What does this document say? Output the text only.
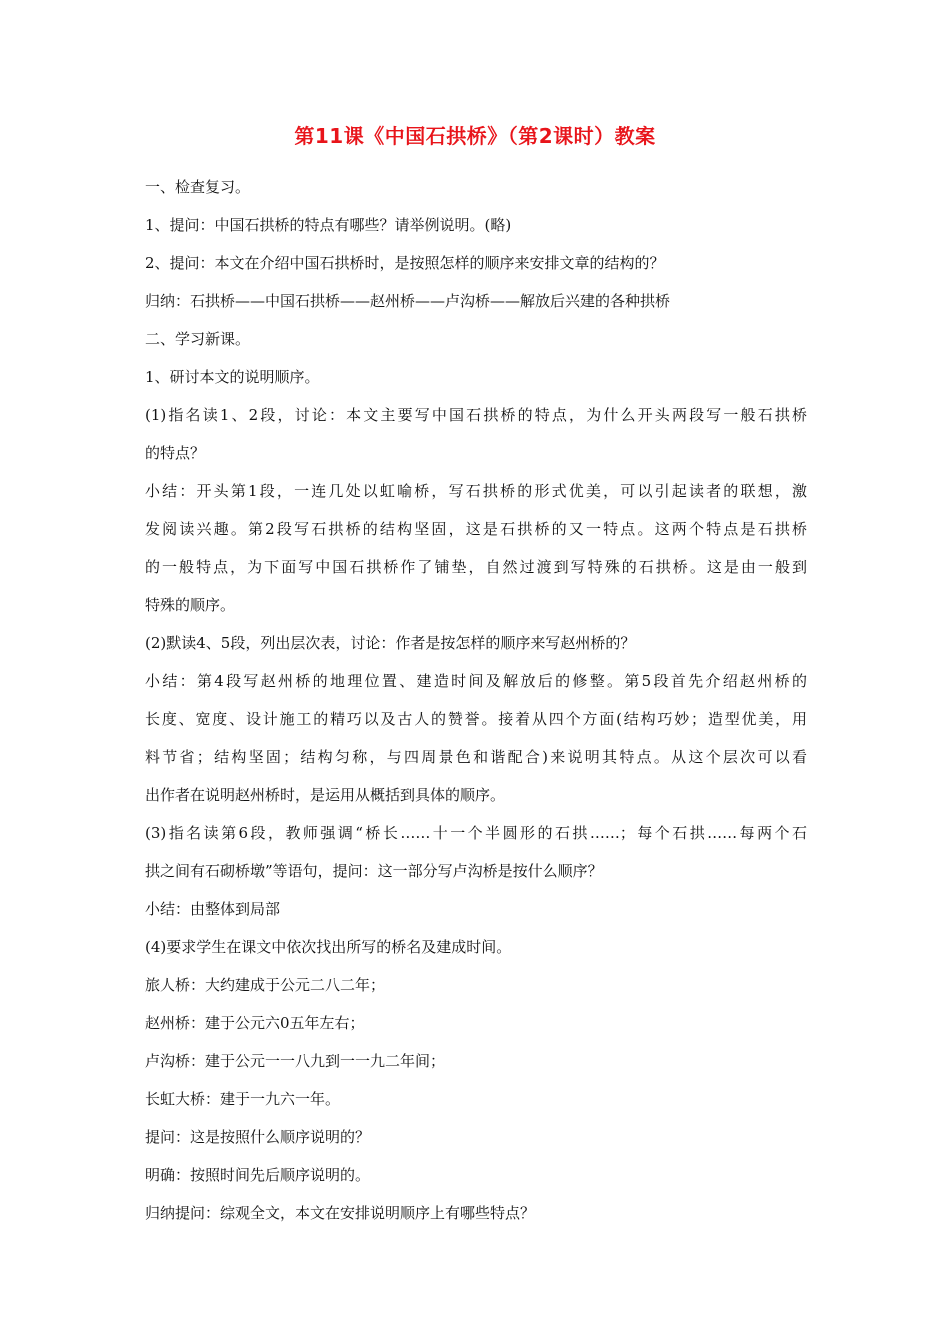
第11课《中国石拱桥》（第2课时）教案
一、检查复习。
1、提问：中国石拱桥的特点有哪些？请举例说明。(略)
2、提问：本文在介绍中国石拱桥时，是按照怎样的顺序来安排文章的结构的？
归纳：石拱桥——中国石拱桥——赵州桥——卢沟桥——解放后兴建的各种拱桥
二、学习新课。
1、研讨本文的说明顺序。
(1)指名读1、2段，讨论：本文主要写中国石拱桥的特点，为什么开头两段写一般石拱桥
的特点？
小结：开头第1段，一连几处以虹喻桥，写石拱桥的形式优美，可以引起读者的联想，激
发阅读兴趣。第2段写石拱桥的结构坚固，这是石拱桥的又一特点。这两个特点是石拱桥
的一般特点，为下面写中国石拱桥作了铺垫，自然过渡到写特殊的石拱桥。这是由一般到
特殊的顺序。
(2)默读4、5段，列出层次表，讨论：作者是按怎样的顺序来写赵州桥的？
小结：第4段写赵州桥的地理位置、建造时间及解放后的修整。第5段首先介绍赵州桥的
长度、宽度、设计施工的精巧以及古人的赞誉。接着从四个方面(结构巧妙；造型优美，用
料节省；结构坚固；结构匀称，与四周景色和谐配合)来说明其特点。从这个层次可以看
出作者在说明赵州桥时，是运用从概括到具体的顺序。
(3)指名读第6段，教师强调“桥长……十一个半圆形的石拱……；每个石拱……每两个石
拱之间有石砌桥墩”等语句，提问：这一部分写卢沟桥是按什么顺序？
小结：由整体到局部
(4)要求学生在课文中依次找出所写的桥名及建成时间。
旅人桥：大约建成于公元二八二年；
赵州桥：建于公元六0五年左右；
卢沟桥：建于公元一一八九到一一九二年间；
长虹大桥：建于一九六一年。
提问：这是按照什么顺序说明的？
明确：按照时间先后顺序说明的。
归纳提问：综观全文，本文在安排说明顺序上有哪些特点？
